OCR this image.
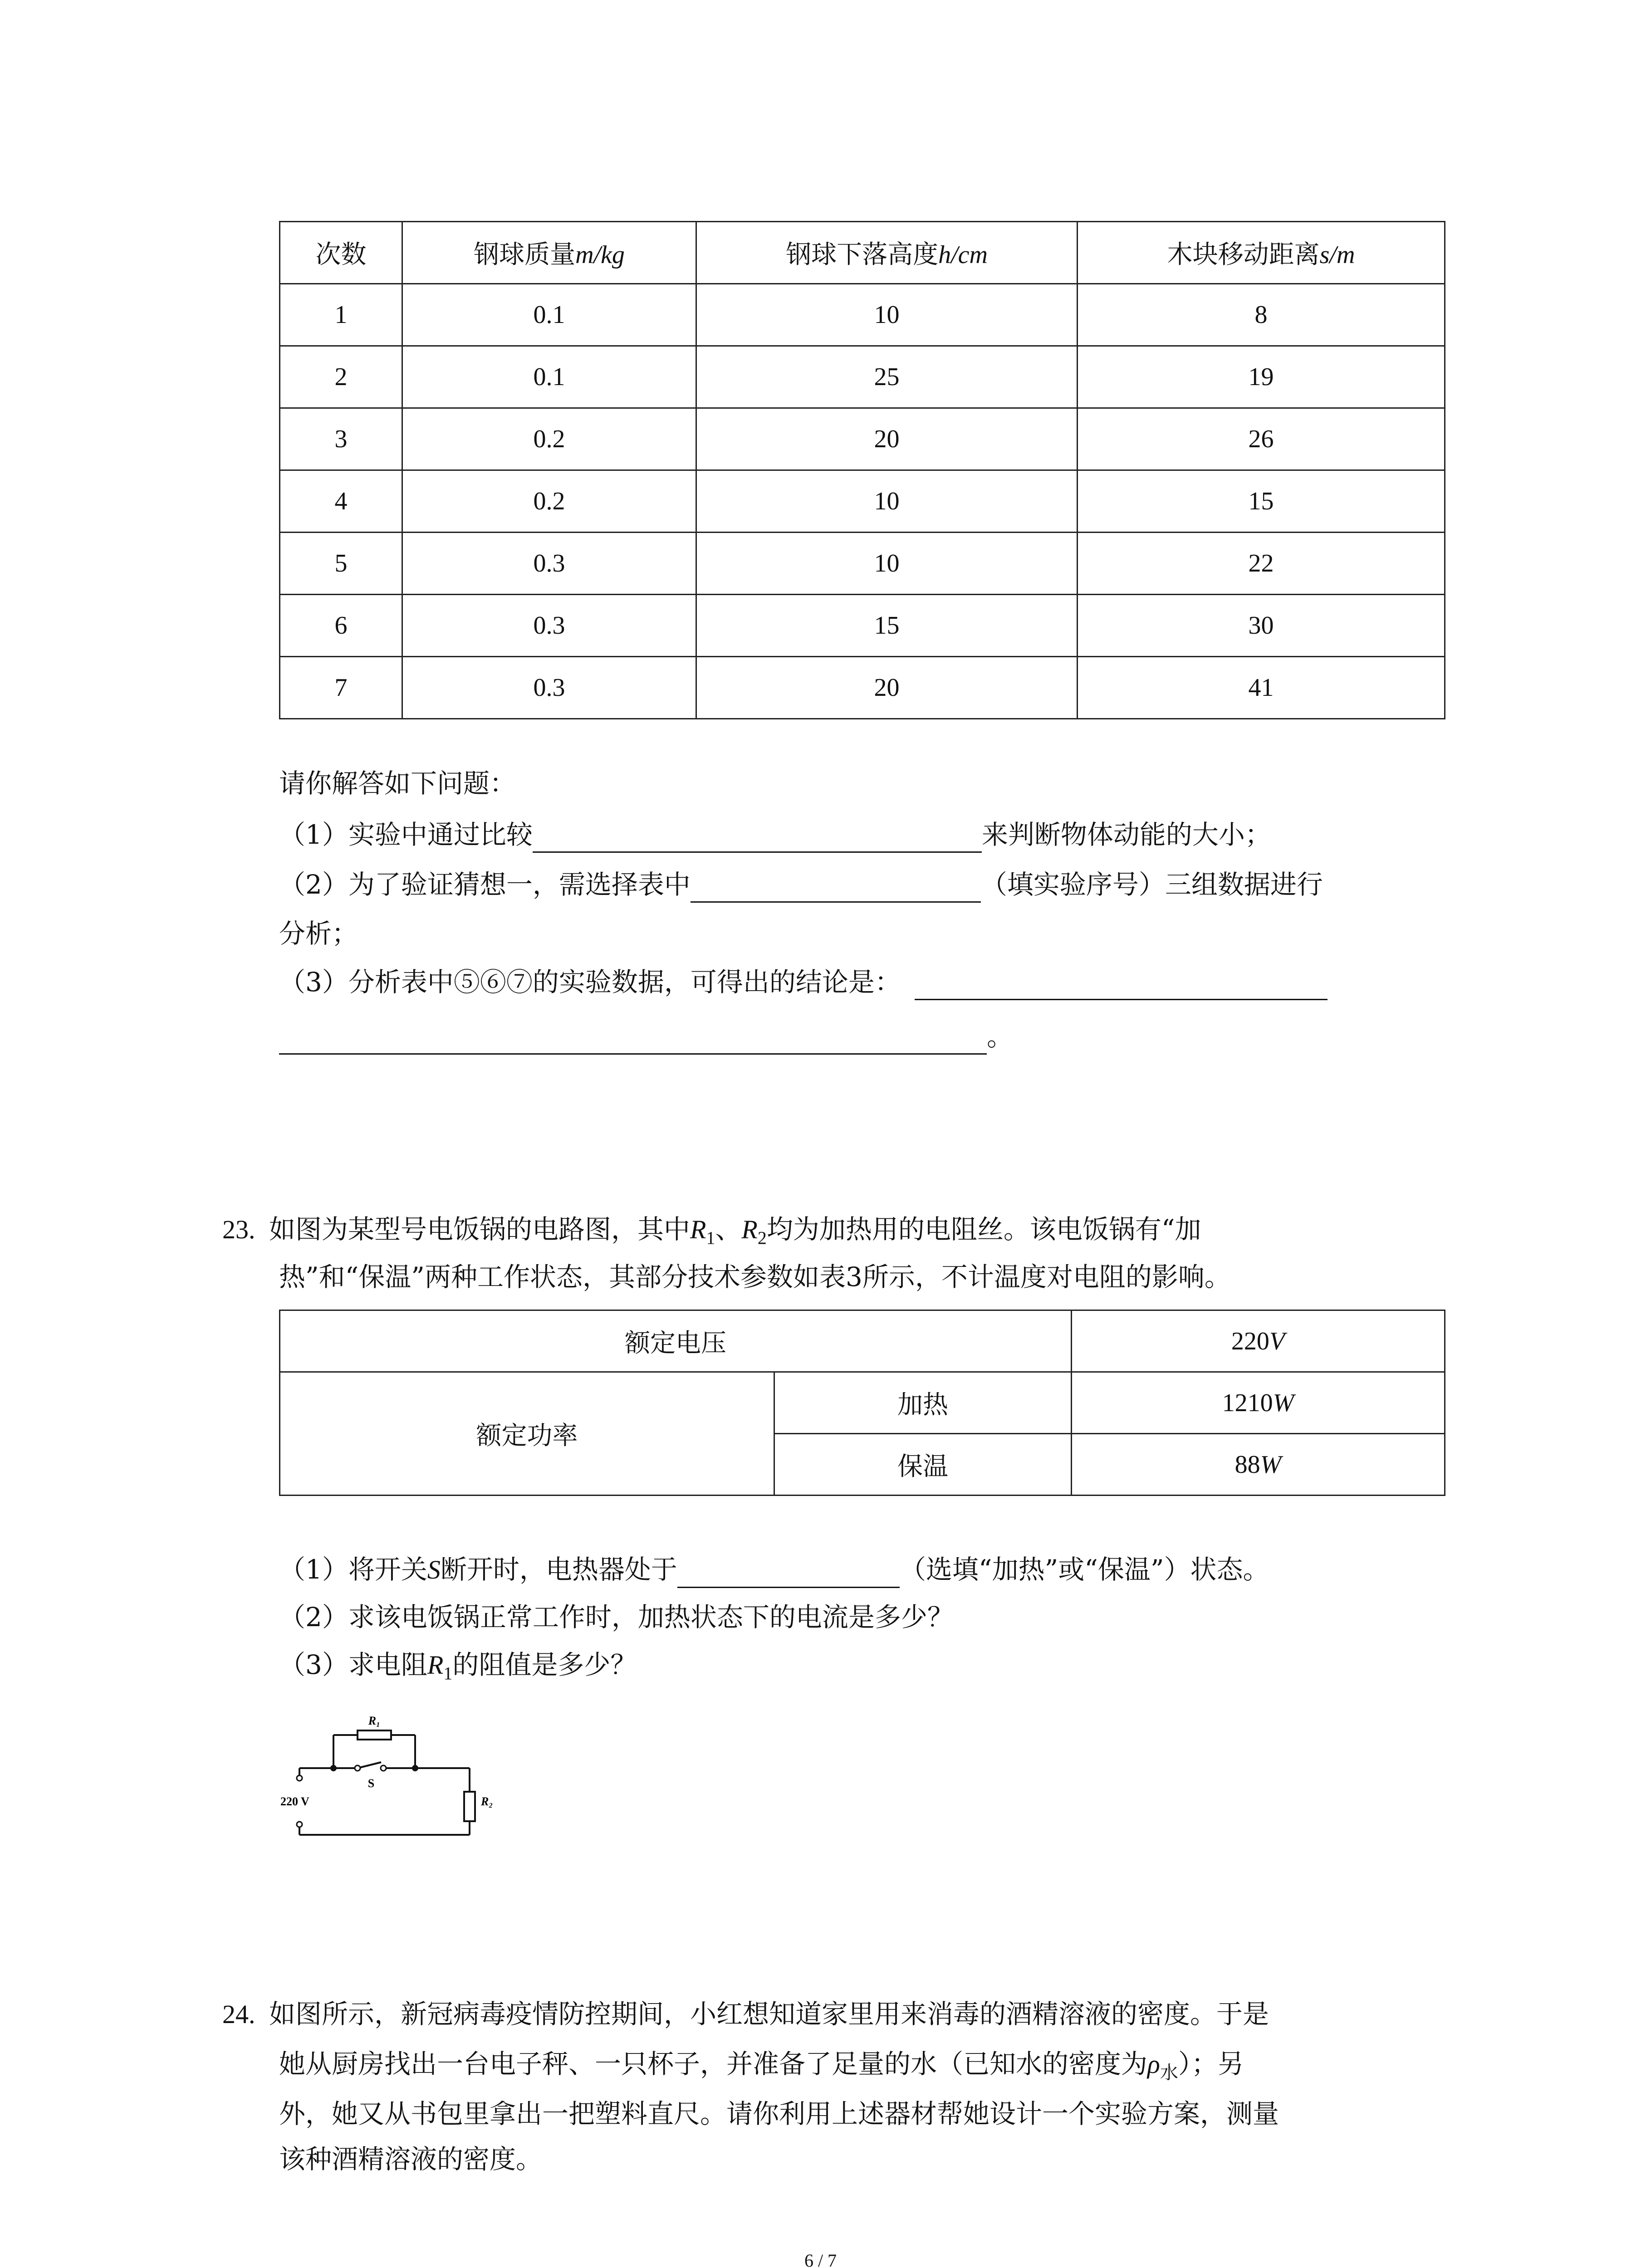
次数	钢球质量m/kg	钢球下落高度h/cm	木块移动距离s/m
1	0.1	10	8
2	0.1	25	19
3	0.2	20	26
4	0.2	10	15
5	0.3	10	22
6	0.3	15	30
7	0.3	20	41
请你解答如下问题：
（1）实验中通过比较	来判断物体动能的大小；
（2）为了验证猜想一，需选择表中	（填实验序号）三组数据进行
分析；
（3）分析表中⑤⑥⑦的实验数据，可得出的结论是：
。
23. 如图为某型号电饭锅的电路图，其中$R_1$、$R_2$均为加热用的电阻丝。该电饭锅有“加
热”和“保温”两种工作状态，其部分技术参数如表3所示，不计温度对电阻的影响。
额定电压		220V
额定功率	加热	1210W
	保温	88W
（1）将开关S断开时，电热器处于	（选填“加热”或“保温”）状态。
（2）求该电饭锅正常工作时，加热状态下的电流是多少？
（3）求电阻$R_1$的阻值是多少？
R₁
R₂
S
220 V
24. 如图所示，新冠病毒疫情防控期间，小红想知道家里用来消毒的酒精溶液的密度。于是
她从厨房找出一台电子秤、一只杯子，并准备了足量的水（已知水的密度为$\rho_水$）；另
外，她又从书包里拿出一把塑料直尺。请你利用上述器材帮她设计一个实验方案，测量
该种酒精溶液的密度。
6 / 7
